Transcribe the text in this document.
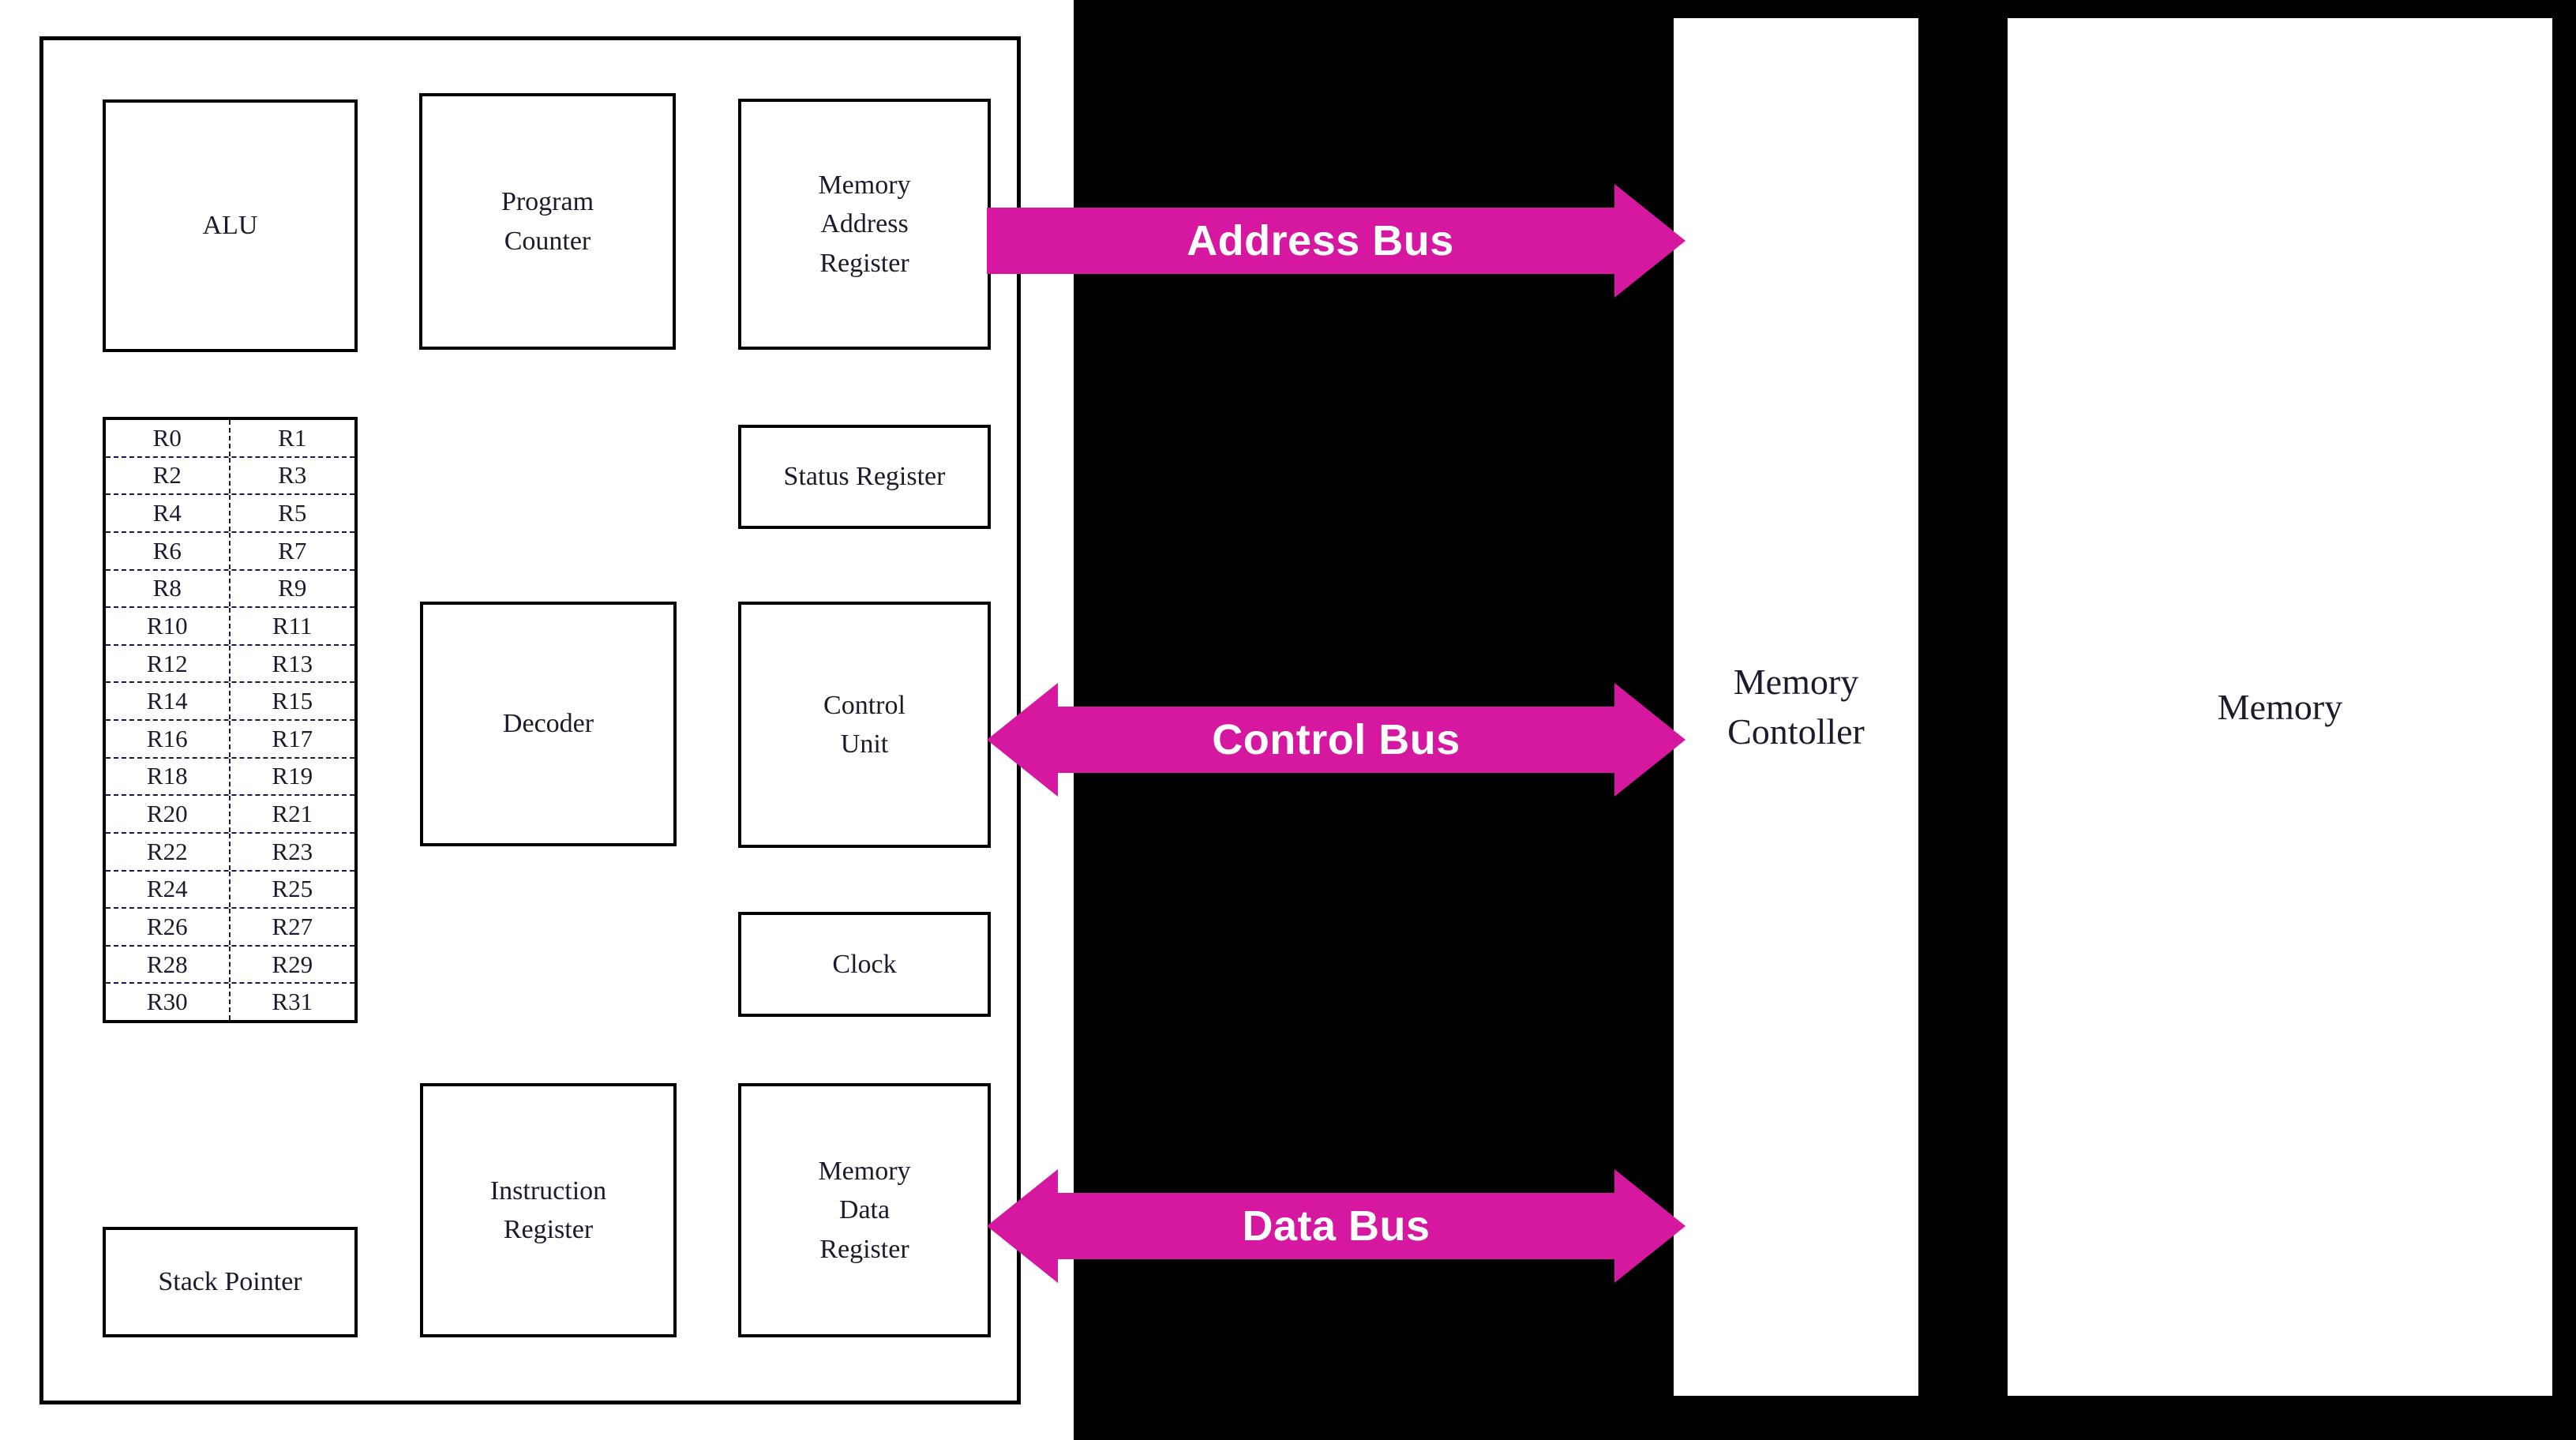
ALU
Program
Counter
Memory
Address
Register
Status Register
Decoder
Control
Unit
Clock
Instruction
Register
Memory
Data
Register
Stack Pointer
R0	R1
R2	R3
R4	R5
R6	R7
R8	R9
R10	R11
R12	R13
R14	R15
R16	R17
R18	R19
R20	R21
R22	R23
R24	R25
R26	R27
R28	R29
R30	R31
Memory
Contoller
Memory
Address Bus
Control Bus
Data Bus
